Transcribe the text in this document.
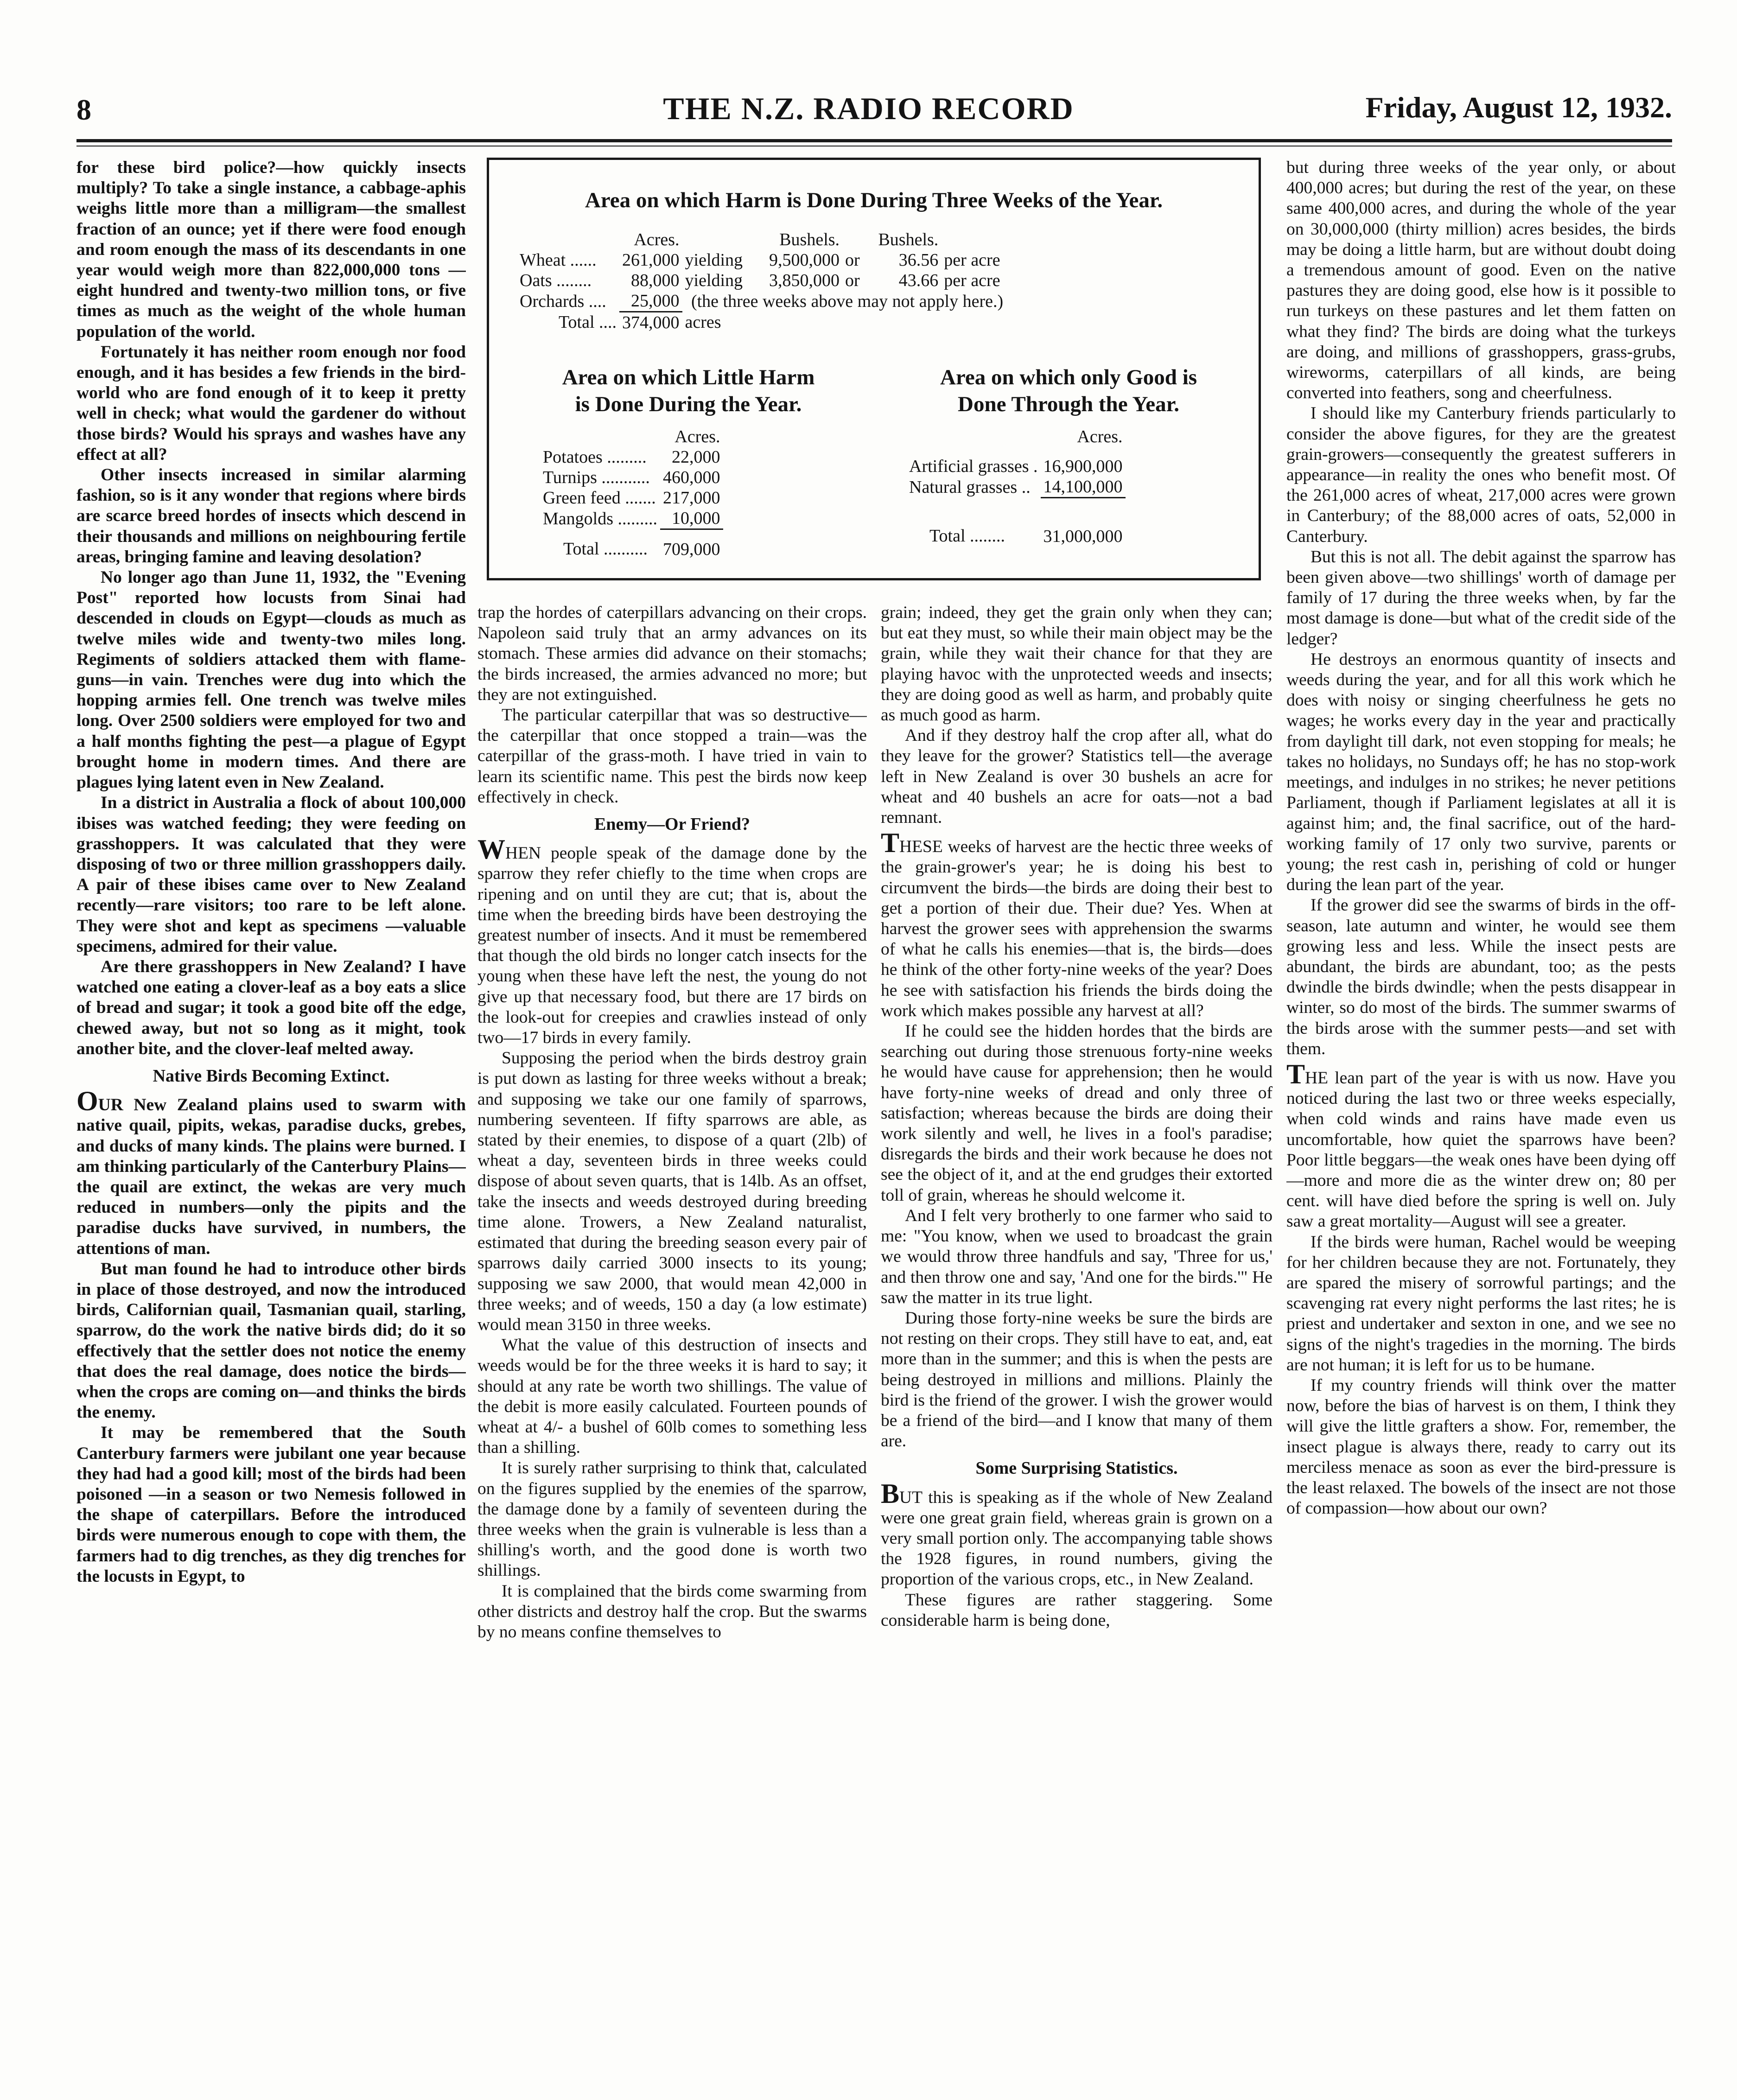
8	THE N.Z. RADIO RECORD	Friday, August 12, 1932.

for these bird police?—how quickly insects multiply? To take a single instance, a cabbage-aphis weighs little more than a milligram—the smallest fraction of an ounce; yet if there were food enough and room enough the mass of its descendants in one year would weigh more than 822,000,000 tons —eight hundred and twenty-two million tons, or five times as much as the weight of the whole human population of the world.

Fortunately it has neither room enough nor food enough, and it has besides a few friends in the bird-world who are fond enough of it to keep it pretty well in check; what would the gardener do without those birds? Would his sprays and washes have any effect at all?

Other insects increased in similar alarming fashion, so is it any wonder that regions where birds are scarce breed hordes of insects which descend in their thousands and millions on neighbouring fertile areas, bringing famine and leaving desolation?

No longer ago than June 11, 1932, the "Evening Post" reported how locusts from Sinai had descended in clouds on Egypt—clouds as much as twelve miles wide and twenty-two miles long. Regiments of soldiers attacked them with flame-guns—in vain. Trenches were dug into which the hopping armies fell. One trench was twelve miles long. Over 2500 soldiers were employed for two and a half months fighting the pest—a plague of Egypt brought home in modern times. And there are plagues lying latent even in New Zealand.

In a district in Australia a flock of about 100,000 ibises was watched feeding; they were feeding on grasshoppers. It was calculated that they were disposing of two or three million grasshoppers daily. A pair of these ibises came over to New Zealand recently—rare visitors; too rare to be left alone. They were shot and kept as specimens —valuable specimens, admired for their value.

Are there grasshoppers in New Zealand? I have watched one eating a clover-leaf as a boy eats a slice of bread and sugar; it took a good bite off the edge, chewed away, but not so long as it might, took another bite, and the clover-leaf melted away.

Native Birds Becoming Extinct.

OUR New Zealand plains used to swarm with native quail, pipits, wekas, paradise ducks, grebes, and ducks of many kinds. The plains were burned. I am thinking particularly of the Canterbury Plains—the quail are extinct, the wekas are very much reduced in numbers—only the pipits and the paradise ducks have survived, in numbers, the attentions of man.

But man found he had to introduce other birds in place of those destroyed, and now the introduced birds, Californian quail, Tasmanian quail, starling, sparrow, do the work the native birds did; do it so effectively that the settler does not notice the enemy that does the real damage, does notice the birds—when the crops are coming on—and thinks the birds the enemy.

It may be remembered that the South Canterbury farmers were jubilant one year because they had had a good kill; most of the birds had been poisoned —in a season or two Nemesis followed in the shape of caterpillars. Before the introduced birds were numerous enough to cope with them, the farmers had to dig trenches, as they dig trenches for the locusts in Egypt, to

Area on which Harm is Done During Three Weeks of the Year.
	Acres.		Bushels.		Bushels.	
Wheat ......	261,000	yielding	9,500,000	or	36.56	per acre
Oats ........	88,000	yielding	3,850,000	or	43.66	per acre
Orchards ....	25,000	(the three weeks above may not apply here.)				
Total ....	374,000	acres				
Area on which Little Harm
is Done During the Year.
	Acres.
Potatoes .........	22,000
Turnips ...........	460,000
Green feed .......	217,000
Mangolds .........	10,000
Total ..........	709,000
Area on which only Good is
Done Through the Year.
	Acres.
Artificial grasses .	16,900,000
Natural grasses ..	14,100,000
Total ........	31,000,000

trap the hordes of caterpillars advancing on their crops. Napoleon said truly that an army advances on its stomach. These armies did advance on their stomachs; the birds increased, the armies advanced no more; but they are not extinguished.

The particular caterpillar that was so destructive—the caterpillar that once stopped a train—was the caterpillar of the grass-moth. I have tried in vain to learn its scientific name. This pest the birds now keep effectively in check.

Enemy—Or Friend?

WHEN people speak of the damage done by the sparrow they refer chiefly to the time when crops are ripening and on until they are cut; that is, about the time when the breeding birds have been destroying the greatest number of insects. And it must be remembered that though the old birds no longer catch insects for the young when these have left the nest, the young do not give up that necessary food, but there are 17 birds on the look-out for creepies and crawlies instead of only two—17 birds in every family.

Supposing the period when the birds destroy grain is put down as lasting for three weeks without a break; and supposing we take our one family of sparrows, numbering seventeen. If fifty sparrows are able, as stated by their enemies, to dispose of a quart (2lb) of wheat a day, seventeen birds in three weeks could dispose of about seven quarts, that is 14lb. As an offset, take the insects and weeds destroyed during breeding time alone. Trowers, a New Zealand naturalist, estimated that during the breeding season every pair of sparrows daily carried 3000 insects to its young; supposing we saw 2000, that would mean 42,000 in three weeks; and of weeds, 150 a day (a low estimate) would mean 3150 in three weeks.

What the value of this destruction of insects and weeds would be for the three weeks it is hard to say; it should at any rate be worth two shillings. The value of the debit is more easily calculated. Fourteen pounds of wheat at 4/- a bushel of 60lb comes to something less than a shilling.

It is surely rather surprising to think that, calculated on the figures supplied by the enemies of the sparrow, the damage done by a family of seventeen during the three weeks when the grain is vulnerable is less than a shilling's worth, and the good done is worth two shillings.

It is complained that the birds come swarming from other districts and destroy half the crop. But the swarms by no means confine themselves to

grain; indeed, they get the grain only when they can; but eat they must, so while their main object may be the grain, while they wait their chance for that they are playing havoc with the unprotected weeds and insects; they are doing good as well as harm, and probably quite as much good as harm.

And if they destroy half the crop after all, what do they leave for the grower? Statistics tell—the average left in New Zealand is over 30 bushels an acre for wheat and 40 bushels an acre for oats—not a bad remnant.

THESE weeks of harvest are the hectic three weeks of the grain-grower's year; he is doing his best to circumvent the birds—the birds are doing their best to get a portion of their due. Their due? Yes. When at harvest the grower sees with apprehension the swarms of what he calls his enemies—that is, the birds—does he think of the other forty-nine weeks of the year? Does he see with satisfaction his friends the birds doing the work which makes possible any harvest at all?

If he could see the hidden hordes that the birds are searching out during those strenuous forty-nine weeks he would have cause for apprehension; then he would have forty-nine weeks of dread and only three of satisfaction; whereas because the birds are doing their work silently and well, he lives in a fool's paradise; disregards the birds and their work because he does not see the object of it, and at the end grudges their extorted toll of grain, whereas he should welcome it.

And I felt very brotherly to one farmer who said to me: "You know, when we used to broadcast the grain we would throw three handfuls and say, 'Three for us,' and then throw one and say, 'And one for the birds.'" He saw the matter in its true light.

During those forty-nine weeks be sure the birds are not resting on their crops. They still have to eat, and, eat more than in the summer; and this is when the pests are being destroyed in millions and millions. Plainly the bird is the friend of the grower. I wish the grower would be a friend of the bird—and I know that many of them are.

Some Surprising Statistics.

BUT this is speaking as if the whole of New Zealand were one great grain field, whereas grain is grown on a very small portion only. The accompanying table shows the 1928 figures, in round numbers, giving the proportion of the various crops, etc., in New Zealand.

These figures are rather staggering. Some considerable harm is being done,

but during three weeks of the year only, or about 400,000 acres; but during the rest of the year, on these same 400,000 acres, and during the whole of the year on 30,000,000 (thirty million) acres besides, the birds may be doing a little harm, but are without doubt doing a tremendous amount of good. Even on the native pastures they are doing good, else how is it possible to run turkeys on these pastures and let them fatten on what they find? The birds are doing what the turkeys are doing, and millions of grasshoppers, grass-grubs, wireworms, caterpillars of all kinds, are being converted into feathers, song and cheerfulness.

I should like my Canterbury friends particularly to consider the above figures, for they are the greatest grain-growers—consequently the greatest sufferers in appearance—in reality the ones who benefit most. Of the 261,000 acres of wheat, 217,000 acres were grown in Canterbury; of the 88,000 acres of oats, 52,000 in Canterbury.

But this is not all. The debit against the sparrow has been given above—two shillings' worth of damage per family of 17 during the three weeks when, by far the most damage is done—but what of the credit side of the ledger?

He destroys an enormous quantity of insects and weeds during the year, and for all this work which he does with noisy or singing cheerfulness he gets no wages; he works every day in the year and practically from daylight till dark, not even stopping for meals; he takes no holidays, no Sundays off; he has no stop-work meetings, and indulges in no strikes; he never petitions Parliament, though if Parliament legislates at all it is against him; and, the final sacrifice, out of the hard-working family of 17 only two survive, parents or young; the rest cash in, perishing of cold or hunger during the lean part of the year.

If the grower did see the swarms of birds in the off-season, late autumn and winter, he would see them growing less and less. While the insect pests are abundant, the birds are abundant, too; as the pests dwindle the birds dwindle; when the pests disappear in winter, so do most of the birds. The summer swarms of the birds arose with the summer pests—and set with them.

THE lean part of the year is with us now. Have you noticed during the last two or three weeks especially, when cold winds and rains have made even us uncomfortable, how quiet the sparrows have been? Poor little beggars—the weak ones have been dying off—more and more die as the winter drew on; 80 per cent. will have died before the spring is well on. July saw a great mortality—August will see a greater.

If the birds were human, Rachel would be weeping for her children because they are not. Fortunately, they are spared the misery of sorrowful partings; and the scavenging rat every night performs the last rites; he is priest and undertaker and sexton in one, and we see no signs of the night's tragedies in the morning. The birds are not human; it is left for us to be humane.

If my country friends will think over the matter now, before the bias of harvest is on them, I think they will give the little grafters a show. For, remember, the insect plague is always there, ready to carry out its merciless menace as soon as ever the bird-pressure is the least relaxed. The bowels of the insect are not those of compassion—how about our own?
